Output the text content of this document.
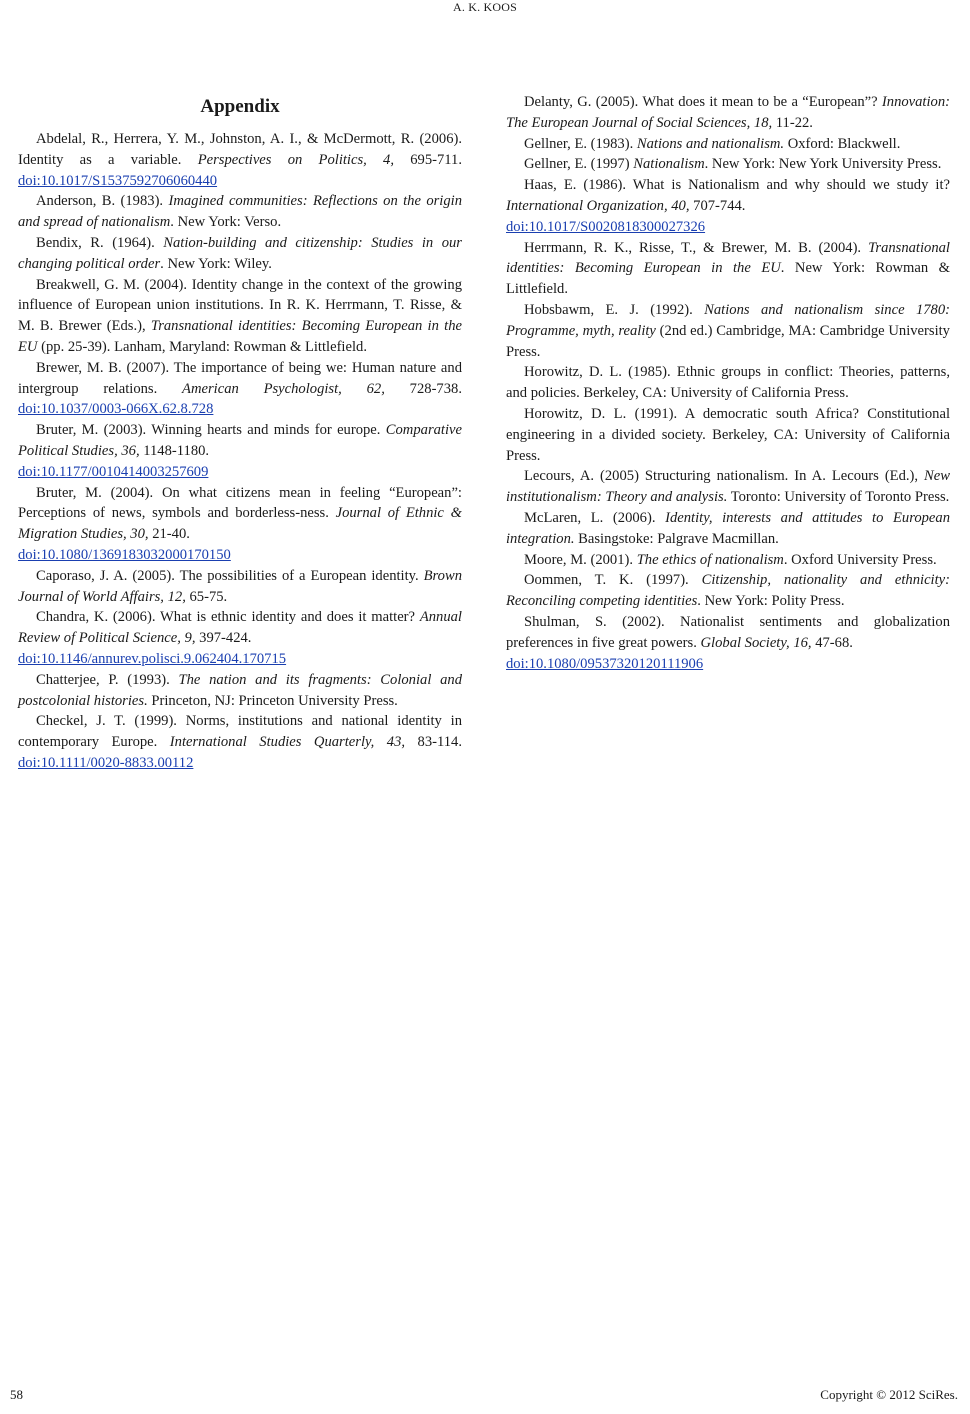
A. K. KOOS
Appendix

Abdelal, R., Herrera, Y. M., Johnston, A. I., & McDermott, R. (2006). Identity as a variable. Perspectives on Politics, 4, 695-711. doi:10.1017/S1537592706060440

Anderson, B. (1983). Imagined communities: Reflections on the origin and spread of nationalism. New York: Verso.

Bendix, R. (1964). Nation-building and citizenship: Studies in our changing political order. New York: Wiley.

Breakwell, G. M. (2004). Identity change in the context of the growing influence of European union institutions. In R. K. Herrmann, T. Risse, & M. B. Brewer (Eds.), Transnational identities: Becoming European in the EU (pp. 25-39). Lanham, Maryland: Rowman & Littlefield.

Brewer, M. B. (2007). The importance of being we: Human nature and intergroup relations. American Psychologist, 62, 728-738. doi:10.1037/0003-066X.62.8.728

Bruter, M. (2003). Winning hearts and minds for europe. Comparative Political Studies, 36, 1148-1180.
doi:10.1177/0010414003257609

Bruter, M. (2004). On what citizens mean in feeling “European”: Perceptions of news, symbols and borderless-ness. Journal of Ethnic & Migration Studies, 30, 21-40.
doi:10.1080/1369183032000170150

Caporaso, J. A. (2005). The possibilities of a European identity. Brown Journal of World Affairs, 12, 65-75.

Chandra, K. (2006). What is ethnic identity and does it matter? Annual Review of Political Science, 9, 397-424.
doi:10.1146/annurev.polisci.9.062404.170715

Chatterjee, P. (1993). The nation and its fragments: Colonial and postcolonial histories. Princeton, NJ: Princeton University Press.

Checkel, J. T. (1999). Norms, institutions and national identity in contemporary Europe. International Studies Quarterly, 43, 83-114. doi:10.1111/0020-8833.00112

Delanty, G. (2005). What does it mean to be a “European”? Innovation: The European Journal of Social Sciences, 18, 11-22.

Gellner, E. (1983). Nations and nationalism. Oxford: Blackwell.

Gellner, E. (1997) Nationalism. New York: New York University Press.

Haas, E. (1986). What is Nationalism and why should we study it? International Organization, 40, 707-744.
doi:10.1017/S0020818300027326

Herrmann, R. K., Risse, T., & Brewer, M. B. (2004). Transnational identities: Becoming European in the EU. New York: Rowman & Littlefield.

Hobsbawm, E. J. (1992). Nations and nationalism since 1780: Programme, myth, reality (2nd ed.) Cambridge, MA: Cambridge University Press.

Horowitz, D. L. (1985). Ethnic groups in conflict: Theories, patterns, and policies. Berkeley, CA: University of California Press.

Horowitz, D. L. (1991). A democratic south Africa? Constitutional engineering in a divided society. Berkeley, CA: University of California Press.

Lecours, A. (2005) Structuring nationalism. In A. Lecours (Ed.), New institutionalism: Theory and analysis. Toronto: University of Toronto Press.

McLaren, L. (2006). Identity, interests and attitudes to European integration. Basingstoke: Palgrave Macmillan.

Moore, M. (2001). The ethics of nationalism. Oxford University Press.

Oommen, T. K. (1997). Citizenship, nationality and ethnicity: Reconciling competing identities. New York: Polity Press.

Shulman, S. (2002). Nationalist sentiments and globalization preferences in five great powers. Global Society, 16, 47-68.
doi:10.1080/09537320120111906

58	Copyright © 2012 SciRes.
